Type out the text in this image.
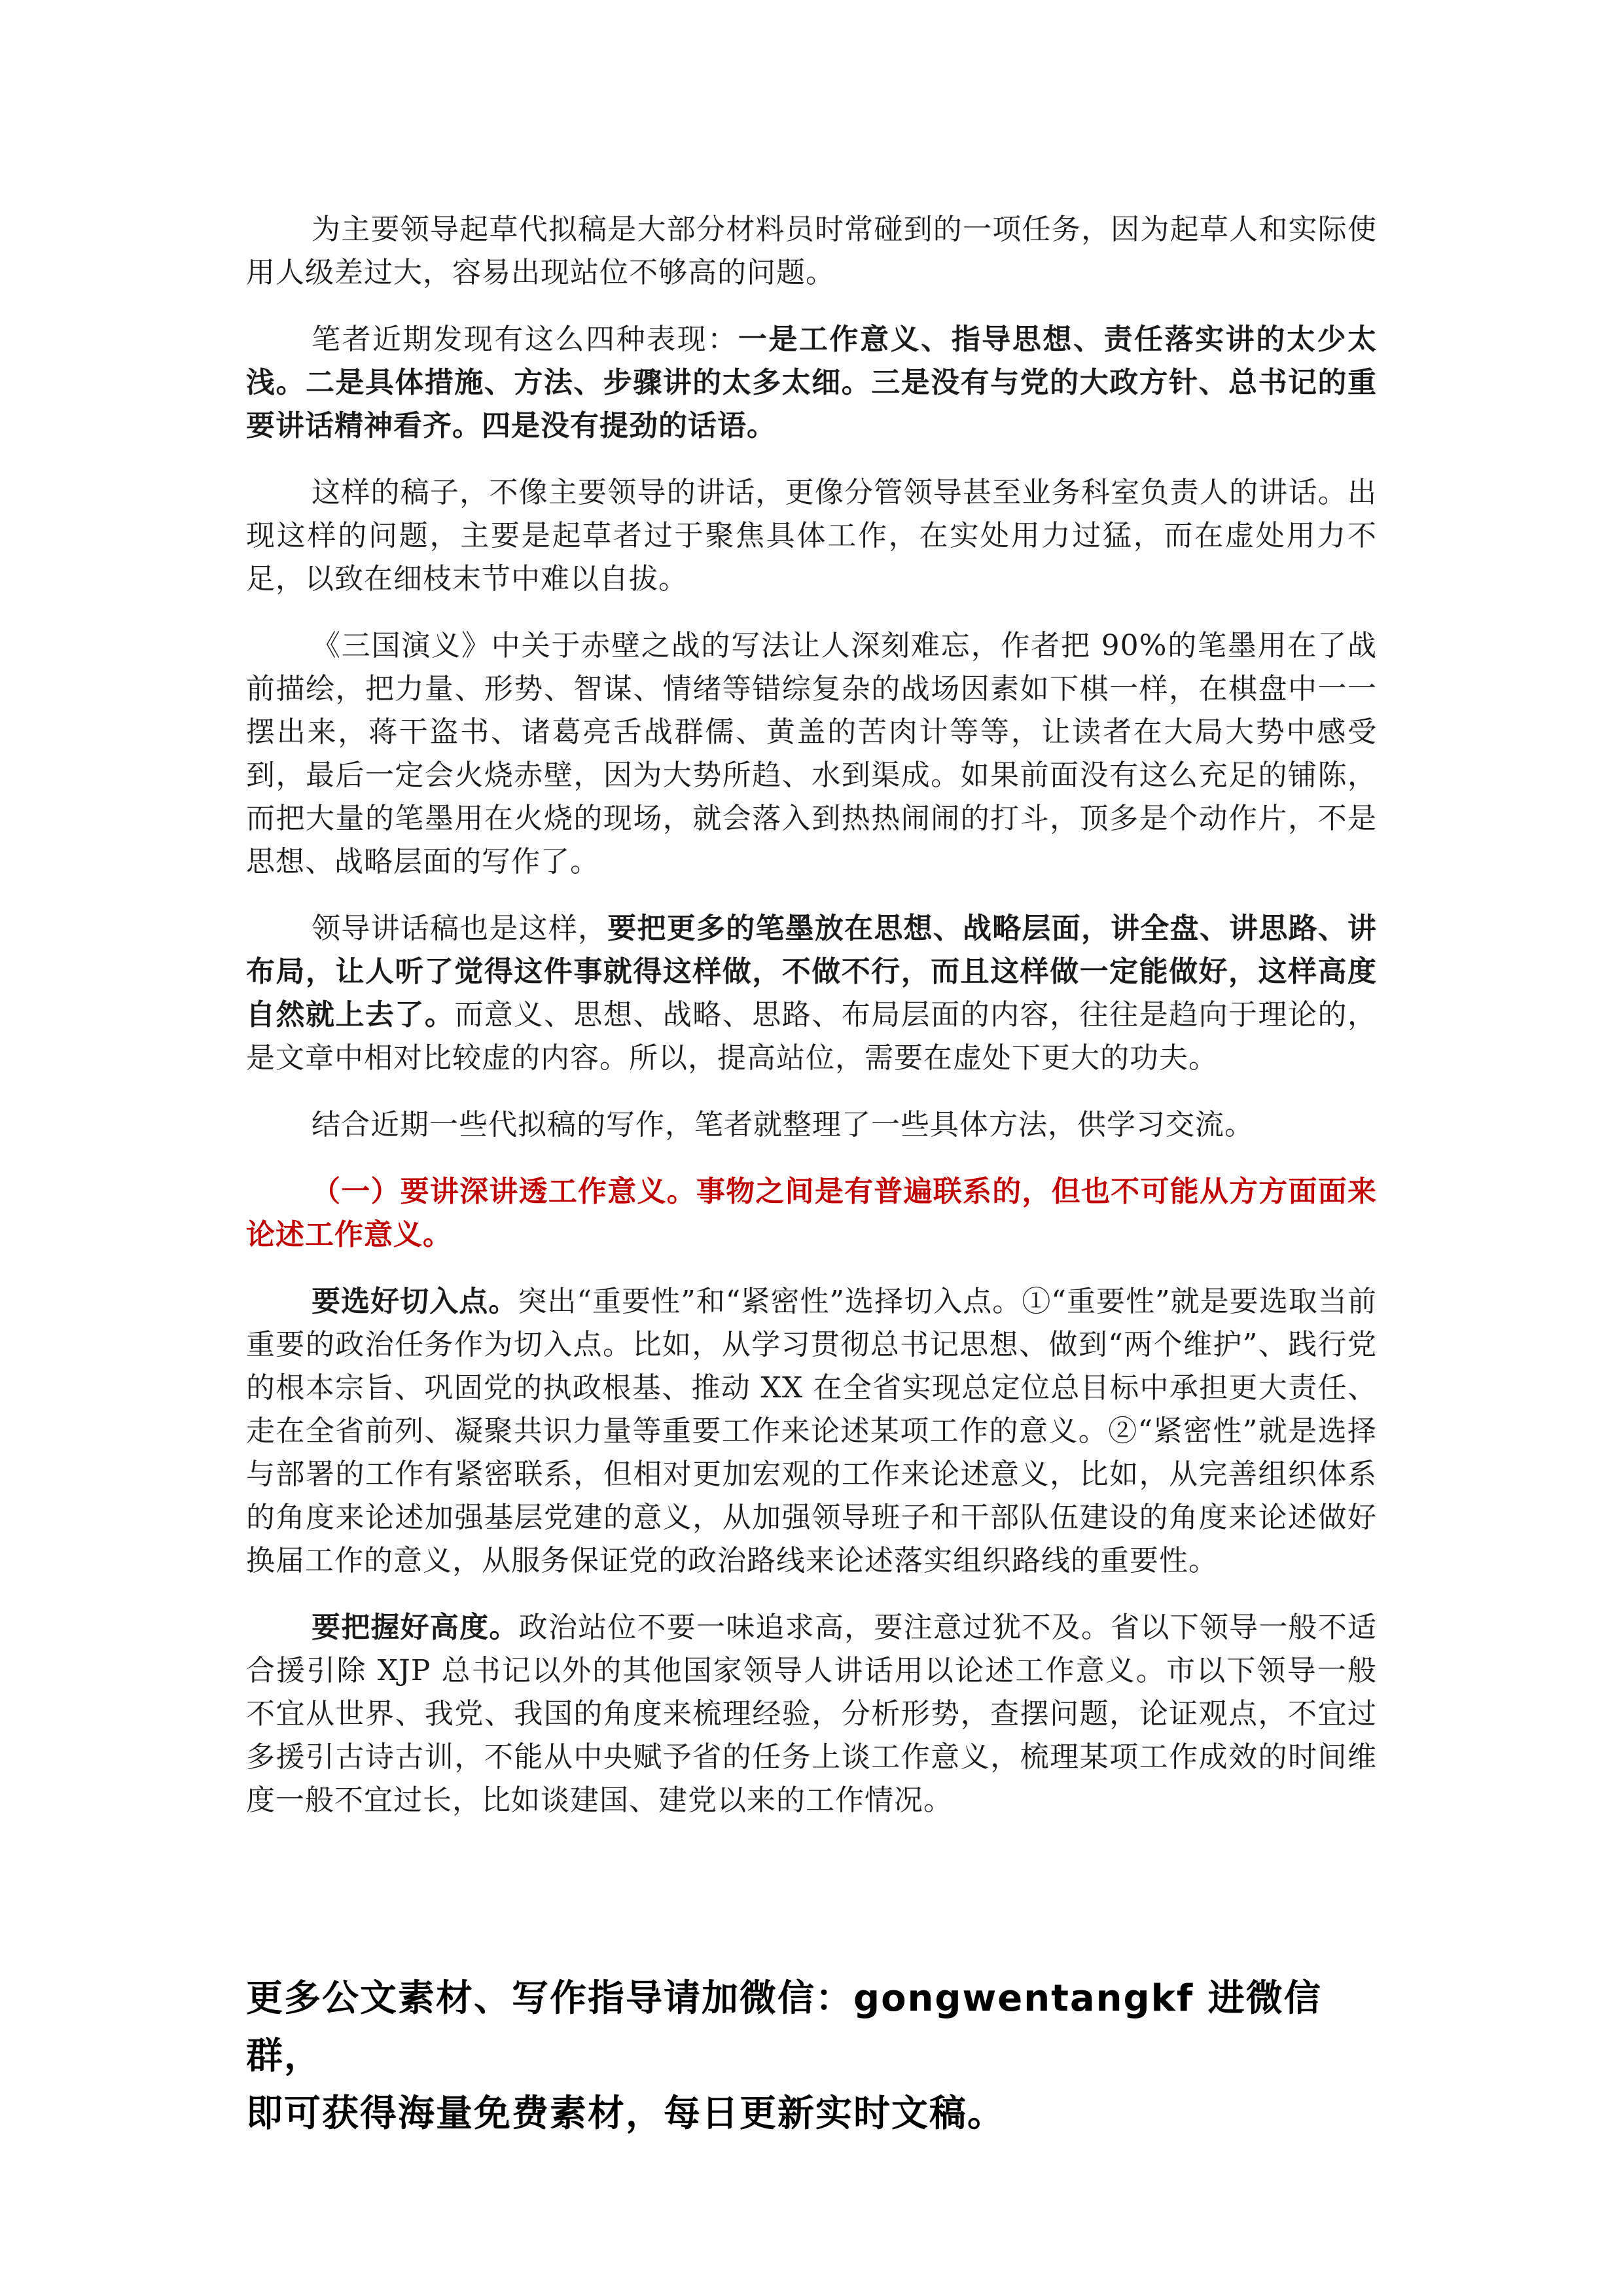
为主要领导起草代拟稿是大部分材料员时常碰到的一项任务，因为起草人和实际使用人级差过大，容易出现站位不够高的问题。

笔者近期发现有这么四种表现：一是工作意义、指导思想、责任落实讲的太少太浅。二是具体措施、方法、步骤讲的太多太细。三是没有与党的大政方针、总书记的重要讲话精神看齐。四是没有提劲的话语。

这样的稿子，不像主要领导的讲话，更像分管领导甚至业务科室负责人的讲话。出现这样的问题，主要是起草者过于聚焦具体工作，在实处用力过猛，而在虚处用力不足，以致在细枝末节中难以自拔。

《三国演义》中关于赤壁之战的写法让人深刻难忘，作者把 90%的笔墨用在了战前描绘，把力量、形势、智谋、情绪等错综复杂的战场因素如下棋一样，在棋盘中一一摆出来，蒋干盗书、诸葛亮舌战群儒、黄盖的苦肉计等等，让读者在大局大势中感受到，最后一定会火烧赤壁，因为大势所趋、水到渠成。如果前面没有这么充足的铺陈，而把大量的笔墨用在火烧的现场，就会落入到热热闹闹的打斗，顶多是个动作片，不是思想、战略层面的写作了。

领导讲话稿也是这样，要把更多的笔墨放在思想、战略层面，讲全盘、讲思路、讲布局，让人听了觉得这件事就得这样做，不做不行，而且这样做一定能做好，这样高度自然就上去了。而意义、思想、战略、思路、布局层面的内容，往往是趋向于理论的，是文章中相对比较虚的内容。所以，提高站位，需要在虚处下更大的功夫。

结合近期一些代拟稿的写作，笔者就整理了一些具体方法，供学习交流。

（一）要讲深讲透工作意义。事物之间是有普遍联系的，但也不可能从方方面面来论述工作意义。

要选好切入点。突出“重要性”和“紧密性”选择切入点。①“重要性”就是要选取当前重要的政治任务作为切入点。比如，从学习贯彻总书记思想、做到“两个维护”、践行党的根本宗旨、巩固党的执政根基、推动 XX 在全省实现总定位总目标中承担更大责任、走在全省前列、凝聚共识力量等重要工作来论述某项工作的意义。②“紧密性”就是选择与部署的工作有紧密联系，但相对更加宏观的工作来论述意义，比如，从完善组织体系的角度来论述加强基层党建的意义，从加强领导班子和干部队伍建设的角度来论述做好换届工作的意义，从服务保证党的政治路线来论述落实组织路线的重要性。

要把握好高度。政治站位不要一味追求高，要注意过犹不及。省以下领导一般不适合援引除 XJP 总书记以外的其他国家领导人讲话用以论述工作意义。市以下领导一般不宜从世界、我党、我国的角度来梳理经验，分析形势，查摆问题，论证观点，不宜过多援引古诗古训，不能从中央赋予省的任务上谈工作意义，梳理某项工作成效的时间维度一般不宜过长，比如谈建国、建党以来的工作情况。

更多公文素材、写作指导请加微信：gongwentangkf 进微信群，

即可获得海量免费素材，每日更新实时文稿。
